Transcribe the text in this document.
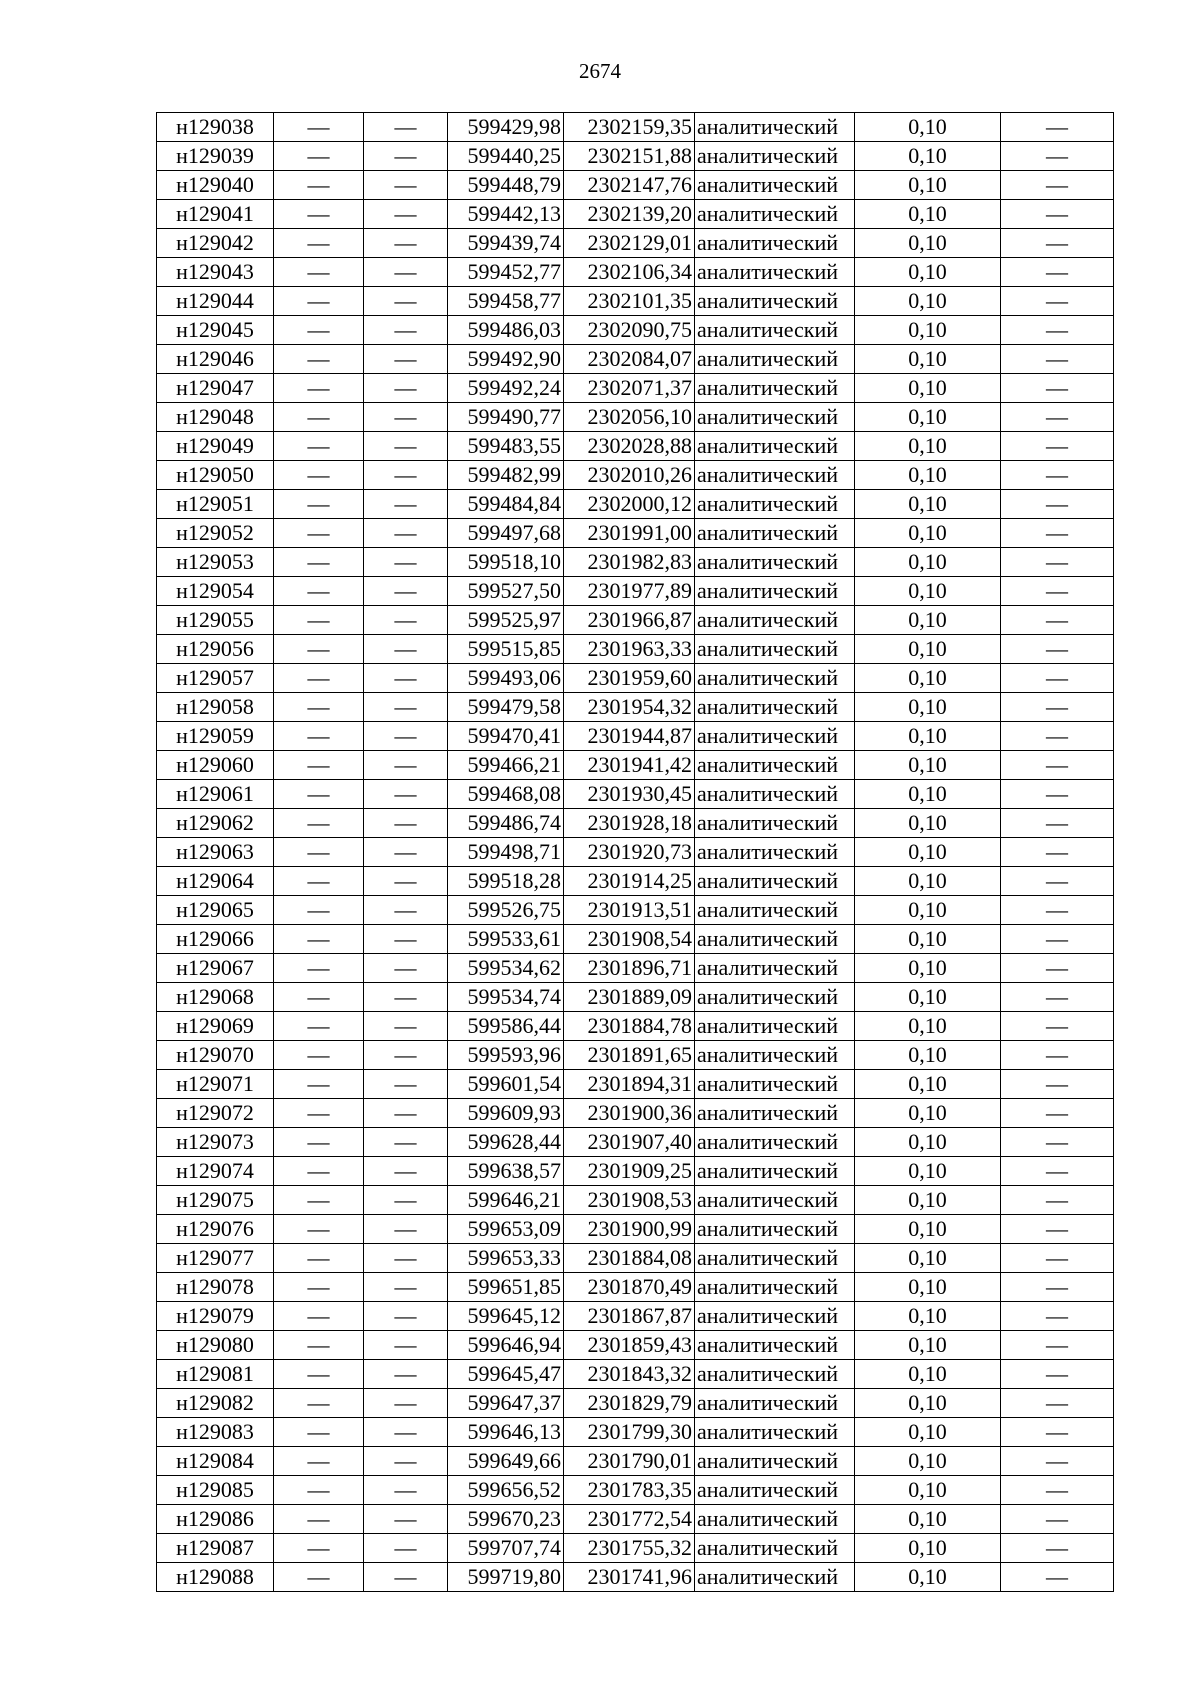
2674
н129038	—	—	599429,98	2302159,35	аналитический	0,10	—
н129039	—	—	599440,25	2302151,88	аналитический	0,10	—
н129040	—	—	599448,79	2302147,76	аналитический	0,10	—
н129041	—	—	599442,13	2302139,20	аналитический	0,10	—
н129042	—	—	599439,74	2302129,01	аналитический	0,10	—
н129043	—	—	599452,77	2302106,34	аналитический	0,10	—
н129044	—	—	599458,77	2302101,35	аналитический	0,10	—
н129045	—	—	599486,03	2302090,75	аналитический	0,10	—
н129046	—	—	599492,90	2302084,07	аналитический	0,10	—
н129047	—	—	599492,24	2302071,37	аналитический	0,10	—
н129048	—	—	599490,77	2302056,10	аналитический	0,10	—
н129049	—	—	599483,55	2302028,88	аналитический	0,10	—
н129050	—	—	599482,99	2302010,26	аналитический	0,10	—
н129051	—	—	599484,84	2302000,12	аналитический	0,10	—
н129052	—	—	599497,68	2301991,00	аналитический	0,10	—
н129053	—	—	599518,10	2301982,83	аналитический	0,10	—
н129054	—	—	599527,50	2301977,89	аналитический	0,10	—
н129055	—	—	599525,97	2301966,87	аналитический	0,10	—
н129056	—	—	599515,85	2301963,33	аналитический	0,10	—
н129057	—	—	599493,06	2301959,60	аналитический	0,10	—
н129058	—	—	599479,58	2301954,32	аналитический	0,10	—
н129059	—	—	599470,41	2301944,87	аналитический	0,10	—
н129060	—	—	599466,21	2301941,42	аналитический	0,10	—
н129061	—	—	599468,08	2301930,45	аналитический	0,10	—
н129062	—	—	599486,74	2301928,18	аналитический	0,10	—
н129063	—	—	599498,71	2301920,73	аналитический	0,10	—
н129064	—	—	599518,28	2301914,25	аналитический	0,10	—
н129065	—	—	599526,75	2301913,51	аналитический	0,10	—
н129066	—	—	599533,61	2301908,54	аналитический	0,10	—
н129067	—	—	599534,62	2301896,71	аналитический	0,10	—
н129068	—	—	599534,74	2301889,09	аналитический	0,10	—
н129069	—	—	599586,44	2301884,78	аналитический	0,10	—
н129070	—	—	599593,96	2301891,65	аналитический	0,10	—
н129071	—	—	599601,54	2301894,31	аналитический	0,10	—
н129072	—	—	599609,93	2301900,36	аналитический	0,10	—
н129073	—	—	599628,44	2301907,40	аналитический	0,10	—
н129074	—	—	599638,57	2301909,25	аналитический	0,10	—
н129075	—	—	599646,21	2301908,53	аналитический	0,10	—
н129076	—	—	599653,09	2301900,99	аналитический	0,10	—
н129077	—	—	599653,33	2301884,08	аналитический	0,10	—
н129078	—	—	599651,85	2301870,49	аналитический	0,10	—
н129079	—	—	599645,12	2301867,87	аналитический	0,10	—
н129080	—	—	599646,94	2301859,43	аналитический	0,10	—
н129081	—	—	599645,47	2301843,32	аналитический	0,10	—
н129082	—	—	599647,37	2301829,79	аналитический	0,10	—
н129083	—	—	599646,13	2301799,30	аналитический	0,10	—
н129084	—	—	599649,66	2301790,01	аналитический	0,10	—
н129085	—	—	599656,52	2301783,35	аналитический	0,10	—
н129086	—	—	599670,23	2301772,54	аналитический	0,10	—
н129087	—	—	599707,74	2301755,32	аналитический	0,10	—
н129088	—	—	599719,80	2301741,96	аналитический	0,10	—
